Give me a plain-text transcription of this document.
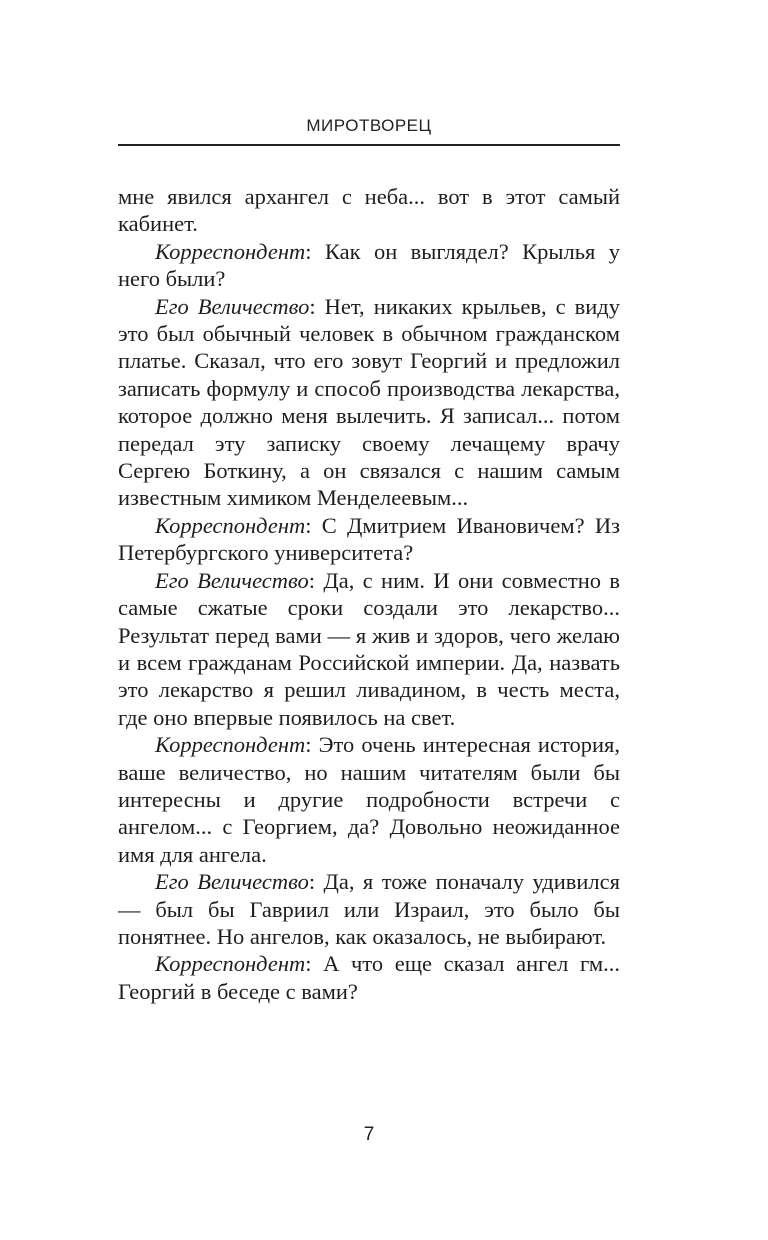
МИРОТВОРЕЦ

мне явился архангел с неба... вот в этот самый кабинет.

Корреспондент: Как он выглядел? Крылья у него были?

Его Величество: Нет, никаких крыльев, с виду это был обычный человек в обычном гражданском платье. Сказал, что его зовут Георгий и предложил записать формулу и способ производства лекарства, которое должно меня вылечить. Я записал... потом передал эту записку своему лечащему врачу Сергею Боткину, а он связался с нашим самым известным химиком Менделеевым...

Корреспондент: С Дмитрием Ивановичем? Из Петербургского университета?

Его Величество: Да, с ним. И они совместно в самые сжатые сроки создали это лекарство... Результат перед вами — я жив и здоров, чего желаю и всем гражданам Российской империи. Да, назвать это лекарство я решил ливадином, в честь места, где оно впервые появилось на свет.

Корреспондент: Это очень интересная история, ваше величество, но нашим читателям были бы интересны и другие подробности встречи с ангелом... с Георгием, да? Довольно неожиданное имя для ангела.

Его Величество: Да, я тоже поначалу удивился — был бы Гавриил или Израил, это было бы понятнее. Но ангелов, как оказалось, не выбирают.

Корреспондент: А что еще сказал ангел гм... Георгий в беседе с вами?

7
